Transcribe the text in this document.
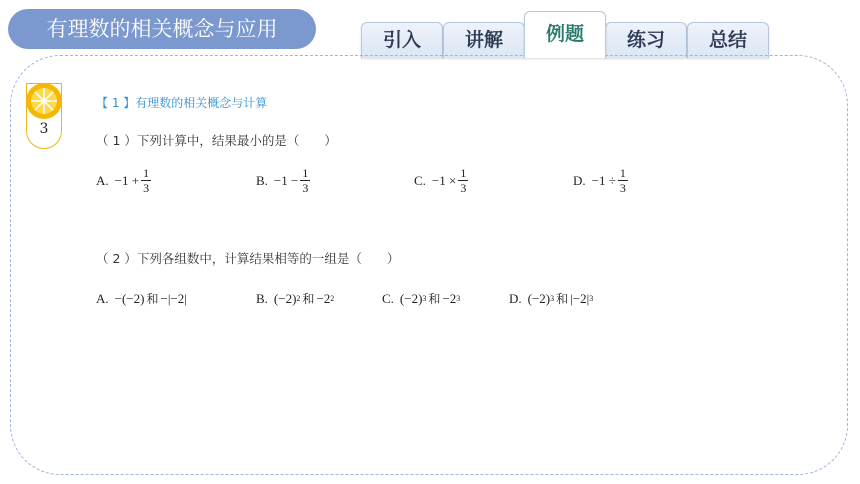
有理数的相关概念与应用	引入	讲解	例题	练习	总结
3
【 1 】有理数的相关概念与计算
（ 1 ）下列计算中，结果最小的是（　　）
A. $-1 + \frac{1}{3}$	B. $-1 - \frac{1}{3}$	C. $-1 \times \frac{1}{3}$	D. $-1 \div \frac{1}{3}$
（ 2 ）下列各组数中，计算结果相等的一组是（　　）
A. −(−2) 和 −|−2|	B. (−2) 2 和 −2 2	C. (−2) 3 和 −2 3	D. (−2) 3 和 |−2| 3
